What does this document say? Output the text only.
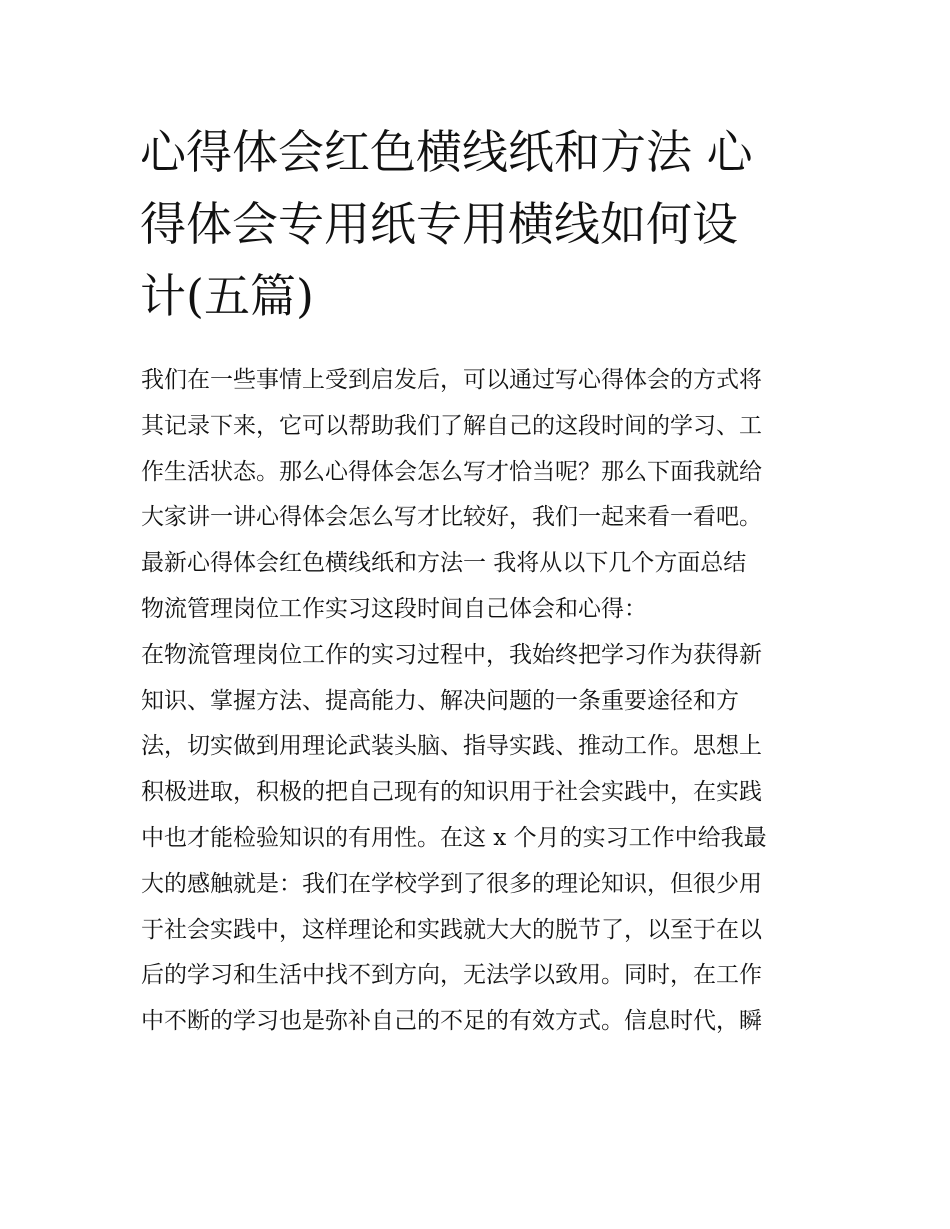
心得体会红色横线纸和方法 心
得体会专用纸专用横线如何设
计(五篇)
我们在一些事情上受到启发后，可以通过写心得体会的方式将
其记录下来，它可以帮助我们了解自己的这段时间的学习、工
作生活状态。那么心得体会怎么写才恰当呢？那么下面我就给
大家讲一讲心得体会怎么写才比较好，我们一起来看一看吧。
最新心得体会红色横线纸和方法一 我将从以下几个方面总结
物流管理岗位工作实习这段时间自己体会和心得：
在物流管理岗位工作的实习过程中，我始终把学习作为获得新
知识、掌握方法、提高能力、解决问题的一条重要途径和方
法，切实做到用理论武装头脑、指导实践、推动工作。思想上
积极进取，积极的把自己现有的知识用于社会实践中，在实践
中也才能检验知识的有用性。在这 x 个月的实习工作中给我最
大的感触就是：我们在学校学到了很多的理论知识，但很少用
于社会实践中，这样理论和实践就大大的脱节了，以至于在以
后的学习和生活中找不到方向，无法学以致用。同时，在工作
中不断的学习也是弥补自己的不足的有效方式。信息时代，瞬
